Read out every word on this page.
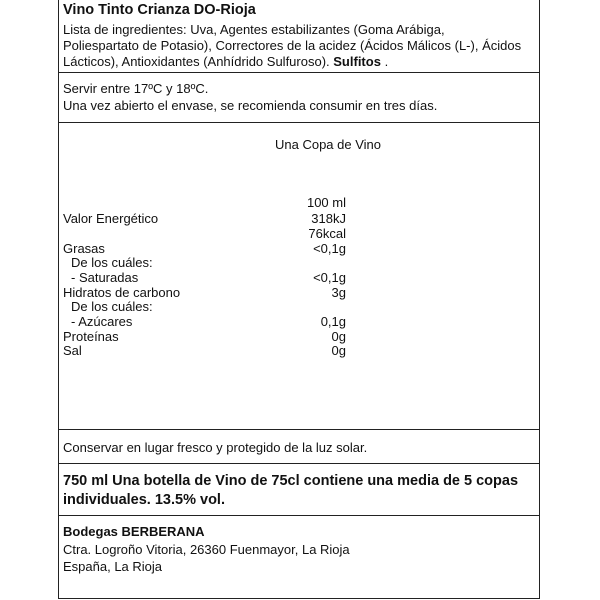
Vino Tinto Crianza DO-Rioja
Lista de ingredientes: Uva, Agentes estabilizantes (Goma Arábiga,
Poliespartato de Potasio), Correctores de la acidez (Ácidos Málicos (L-), Ácidos
Lácticos), Antioxidantes (Anhídrido Sulfuroso). Sulfitos .
Servir entre 17ºC y 18ºC.
Una vez abierto el envase, se recomienda consumir en tres días.
Una Copa de Vino
100 ml
Valor Energético	318kJ
76kcal
Grasas	<0,1g
De los cuáles:
- Saturadas	<0,1g
Hidratos de carbono	3g
De los cuáles:
- Azúcares	0,1g
Proteínas	0g
Sal	0g
Conservar en lugar fresco y protegido de la luz solar.
750 ml Una botella de Vino de 75cl contiene una media de 5 copas
individuales. 13.5% vol.
Bodegas BERBERANA
Ctra. Logroño Vitoria, 26360 Fuenmayor, La Rioja
España, La Rioja
